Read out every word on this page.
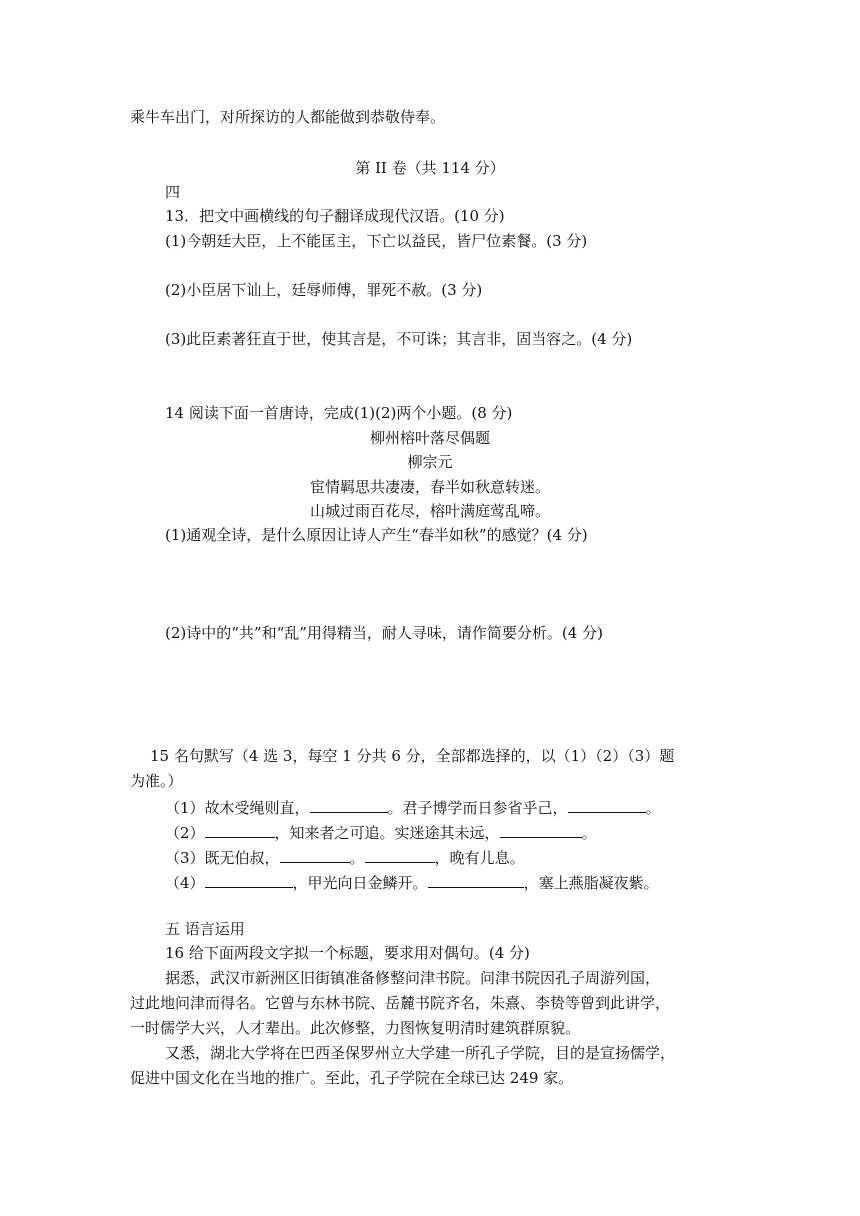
乘牛车出门，对所探访的人都能做到恭敬侍奉。
第 II 卷（共 114 分）
四
13．把文中画横线的句子翻译成现代汉语。(10 分)
(1)今朝廷大臣，上不能匡主，下亡以益民，皆尸位素餐。(3 分)
(2)小臣居下讪上，廷辱师傅，罪死不赦。(3 分)
(3)此臣素著狂直于世，使其言是，不可诛；其言非，固当容之。(4 分)
14 阅读下面一首唐诗，完成(1)(2)两个小题。(8 分)
柳州榕叶落尽偶题
柳宗元
宦情羁思共凄凄，春半如秋意转迷。
山城过雨百花尽，榕叶满庭莺乱啼。
(1)通观全诗，是什么原因让诗人产生“春半如秋”的感觉？(4 分)
(2)诗中的“共”和“乱”用得精当，耐人寻味，请作简要分析。(4 分)
15 名句默写（4 选 3，每空 1 分共 6 分，全部都选择的，以（1）（2）（3）题
为准。）
（1）故木受绳则直，	。君子博学而日参省乎己，	。
（2）	，知来者之可追。实迷途其未远，	。
（3）既无伯叔，	。	，晚有儿息。
（4）	，甲光向日金鳞开。	，塞上燕脂凝夜紫。
五 语言运用
16 给下面两段文字拟一个标题，要求用对偶句。(4 分)
据悉，武汉市新洲区旧街镇准备修整问津书院。问津书院因孔子周游列国，
过此地问津而得名。它曾与东林书院、岳麓书院齐名，朱熹、李贽等曾到此讲学，
一时儒学大兴，人才辈出。此次修整，力图恢复明清时建筑群原貌。
又悉，湖北大学将在巴西圣保罗州立大学建一所孔子学院，目的是宣扬儒学，
促进中国文化在当地的推广。至此，孔子学院在全球已达 249 家。
